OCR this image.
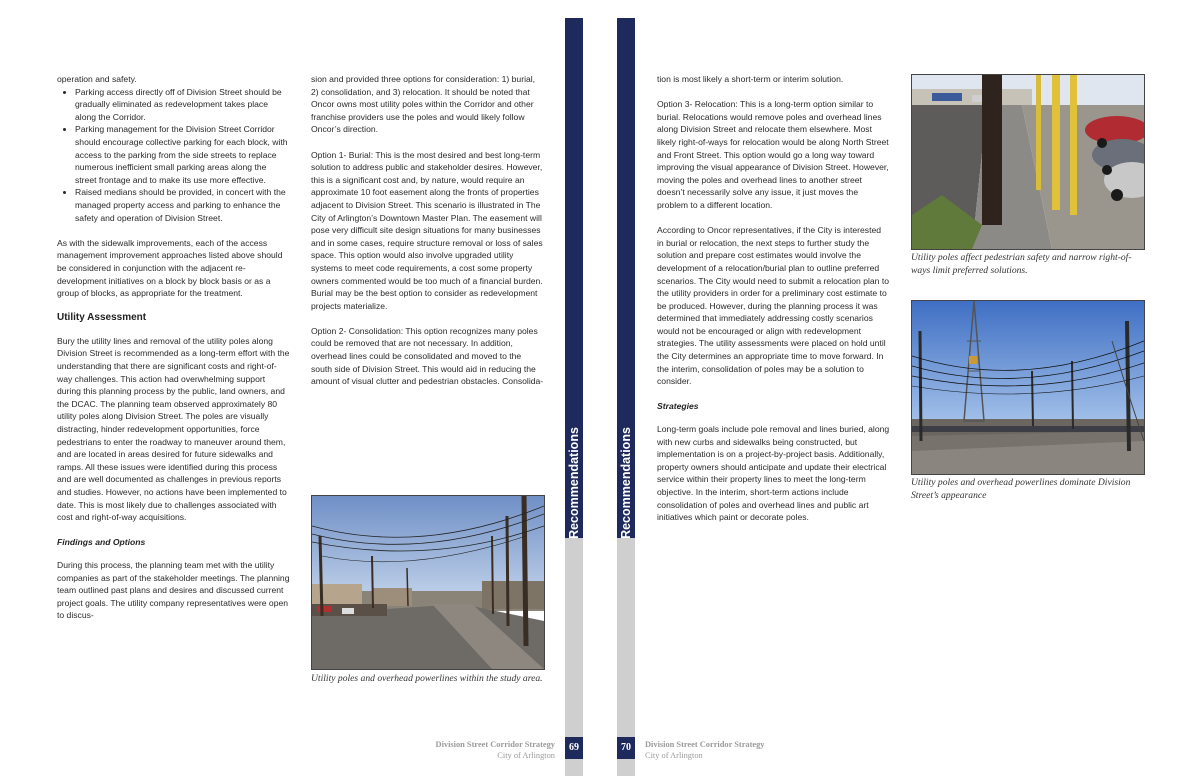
operation and safety.

• Parking access directly off of Division Street should be gradually eliminated as redevelopment takes place along the Corridor.
• Parking management for the Division Street Corridor should encourage collective parking for each block, with access to the parking from the side streets to replace numerous inefficient small parking areas along the street frontage and to make its use more effective.
• Raised medians should be provided, in concert with the managed property access and parking to enhance the safety and operation of Division Street.

As with the sidewalk improvements, each of the access management improvement approaches listed above should be considered in conjunction with the adjacent re-development initiatives on a block by block basis or as a group of blocks, as appropriate for the treatment.

Utility Assessment

Bury the utility lines and removal of the utility poles along Division Street is recommended as a long-term effort with the understanding that there are significant costs and right-of-way challenges. This action had overwhelming support during this planning process by the public, land owners, and the DCAC. The planning team observed approximately 80 utility poles along Division Street. The poles are visually distracting, hinder redevelopment opportunities, force pedestrians to enter the roadway to maneuver around them, and are located in areas desired for future sidewalks and ramps. All these issues were identified during this process and are well documented as challenges in previous reports and studies. However, no actions have been implemented to date. This is most likely due to challenges associated with cost and right-of-way acquisitions.

Findings and Options

During this process, the planning team met with the utility companies as part of the stakeholder meetings. The planning team outlined past plans and desires and discussed current project goals. The utility company representatives were open to discus-

sion and provided three options for consideration: 1) burial, 2) consolidation, and 3) relocation. It should be noted that Oncor owns most utility poles within the Corridor and other franchise providers use the poles and would likely follow Oncor’s direction.

Option 1- Burial: This is the most desired and best long-term solution to address public and stakeholder desires. However, this is a significant cost and, by nature, would require an approximate 10 foot easement along the fronts of properties adjacent to Division Street. This scenario is illustrated in The City of Arlington’s Downtown Master Plan. The easement will pose very difficult site design situations for many businesses and in some cases, require structure removal or loss of sales space. This option would also involve upgraded utility systems to meet code requirements, a cost some property owners commented would be too much of a financial burden. Burial may be the best option to consider as redevelopment projects materialize.

Option 2- Consolidation: This option recognizes many poles could be removed that are not necessary. In addition, overhead lines could be consolidated and moved to the south side of Division Street. This would aid in reducing the amount of visual clutter and pedestrian obstacles. Consolida-

Utility poles and overhead powerlines within the study area.
Recommendations
69
Division Street Corridor Strategy
City of Arlington
Recommendations
70	Division Street Corridor Strategy
City of Arlington

tion is most likely a short-term or interim solution.

Option 3- Relocation: This is a long-term option similar to burial. Relocations would remove poles and overhead lines along Division Street and relocate them elsewhere. Most likely right-of-ways for relocation would be along North Street and Front Street. This option would go a long way toward improving the visual appearance of Division Street. However, moving the poles and overhead lines to another street doesn’t necessarily solve any issue, it just moves the problem to a different location.

According to Oncor representatives, if the City is interested in burial or relocation, the next steps to further study the solution and prepare cost estimates would involve the development of a relocation/burial plan to outline preferred scenarios. The City would need to submit a relocation plan to the utility providers in order for a preliminary cost estimate to be produced. However, during the planning process it was determined that immediately addressing costly scenarios would not be encouraged or align with redevelopment strategies. The utility assessments were placed on hold until the City determines an appropriate time to move forward. In the interim, consolidation of poles may be a solution to consider.

Strategies

Long-term goals include pole removal and lines buried, along with new curbs and sidewalks being constructed, but implementation is on a project-by-project basis. Additionally, property owners should anticipate and update their electrical service within their property lines to meet the long-term objective. In the interim, short-term actions include consolidation of poles and overhead lines and public art initiatives which paint or decorate poles.

Utility poles affect pedestrian safety and narrow right-of-ways limit preferred solutions.
Utility poles and overhead powerlines dominate Division Street’s appearance
